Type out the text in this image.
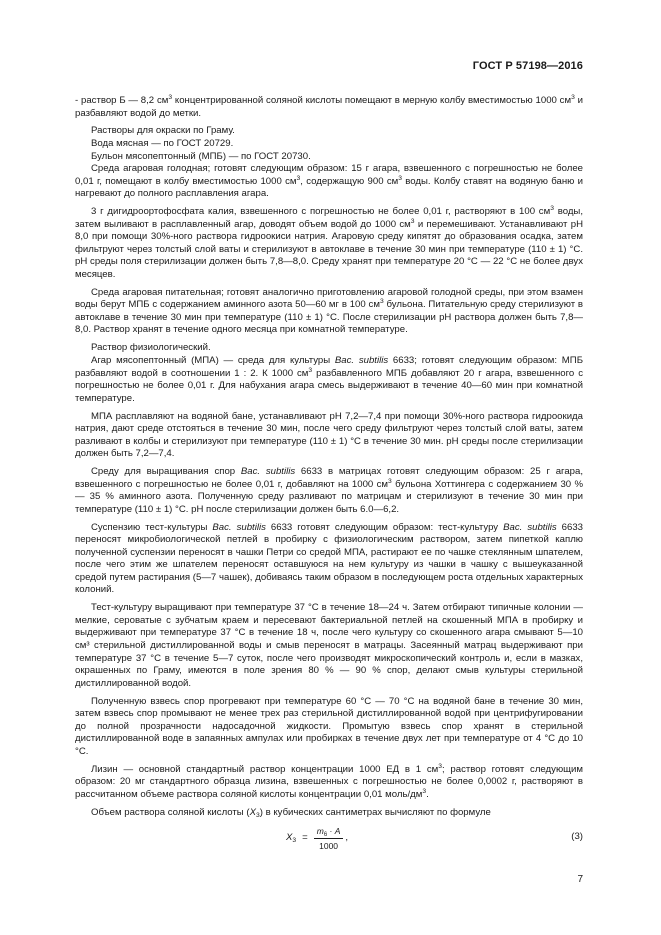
ГОСТ Р 57198—2016

- раствор Б — 8,2 $см^3$ концентрированной соляной кислоты помещают в мерную колбу вместимостью 1000 $см^3$ и разбавляют водой до метки.

Растворы для окраски по Граму.

Вода мясная — по ГОСТ 20729.

Бульон мясопептонный (МПБ) — по ГОСТ 20730.

Среда агаровая голодная; готовят следующим образом: 15 г агара, взвешенного с погрешностью не более 0,01 г, помещают в колбу вместимостью 1000 $см^3$, содержащую 900 $см^3$ воды. Колбу ставят на водяную баню и нагревают до полного расплавления агара.

3 г дигидроортофосфата калия, взвешенного с погрешностью не более 0,01 г, растворяют в 100 $см^3$ воды, затем выливают в расплавленный агар, доводят объем водой до 1000 $см^3$ и перемешивают. Устанавливают pH 8,0 при помощи 30%-ного раствора гидроокиси натрия. Агаровую среду кипятят до образования осадка, затем фильтруют через толстый слой ваты и стерилизуют в автоклаве в течение 30 мин при температуре (110 ± 1) °С. pH среды поля стерилизации должен быть 7,8—8,0. Среду хранят при температуре 20 °С — 22 °С не более двух месяцев.

Среда агаровая питательная; готовят аналогично приготовлению агаровой голодной среды, при этом взамен воды берут МПБ с содержанием аминного азота 50—60 мг в 100 $см^3$ бульона. Питательную среду стерилизуют в автоклаве в течение 30 мин при температуре (110 ± 1) °С. После стерилизации pH раствора должен быть 7,8—8,0. Раствор хранят в течение одного месяца при комнатной температуре.

Раствор физиологический.

Агар мясопептонный (МПА) — среда для культуры Bac. subtilis 6633; готовят следующим образом: МПБ разбавляют водой в соотношении 1 : 2. К 1000 $см^3$ разбавленного МПБ добавляют 20 г агара, взвешенного с погрешностью не более 0,01 г. Для набухания агара смесь выдерживают в течение 40—60 мин при комнатной температуре.

МПА расплавляют на водяной бане, устанавливают pH 7,2—7,4 при помощи 30%-ного раствора гидроокида натрия, дают среде отстояться в течение 30 мин, после чего среду фильтруют через толстый слой ваты, затем разливают в колбы и стерилизуют при температуре (110 ± 1) °С в течение 30 мин. pH среды после стерилизации должен быть 7,2—7,4.

Среду для выращивания спор Bac. subtilis 6633 в матрицах готовят следующим образом: 25 г агара, взвешенного с погрешностью не более 0,01 г, добавляют на 1000 $см^3$ бульона Хоттингера с содержанием 30 % — 35 % аминного азота. Полученную среду разливают по матрицам и стерилизуют в течение 30 мин при температуре (110 ± 1) °С. pH после стерилизации должен быть 6.0—6,2.

Суспензию тест-культуры Bac. subtilis 6633 готовят следующим образом: тест-культуру Bac. subtilis 6633 переносят микробиологической петлей в пробирку с физиологическим раствором, затем пипеткой каплю полученной суспензии переносят в чашки Петри со средой МПА, растирают ее по чашке стеклянным шпателем, после чего этим же шпателем переносят оставшуюся на нем культуру из чашки в чашку с вышеуказанной средой путем растирания (5—7 чашек), добиваясь таким образом в последующем роста отдельных характерных колоний.

Тест-культуру выращивают при температуре 37 °С в течение 18—24 ч. Затем отбирают типичные колонии — мелкие, сероватые с зубчатым краем и пересевают бактериальной петлей на скошенный МПА в пробирку и выдерживают при температуре 37 °С в течение 18 ч, после чего культуру со скошенного агара смывают 5—10 см³ стерильной дистиллированной воды и смыв переносят в матрацы. Засеянный матрац выдерживают при температуре 37 °С в течение 5—7 суток, после чего производят микроскопический контроль и, если в мазках, окрашенных по Граму, имеются в поле зрения 80 % — 90 % спор, делают смыв культуры стерильной дистиллированной водой.

Полученную взвесь спор прогревают при температуре 60 °С — 70 °С на водяной бане в течение 30 мин, затем взвесь спор промывают не менее трех раз стерильной дистиллированной водой при центрифугировании до полной прозрачности надосадочной жидкости. Промытую взвесь спор хранят в стерильной дистиллированной воде в запаянных ампулах или пробирках в течение двух лет при температуре от 4 °С до 10 °С.

Лизин — основной стандартный раствор концентрации 1000 ЕД в 1 $см^3$; раствор готовят следующим образом: 20 мг стандартного образца лизина, взвешенных с погрешностью не более 0,0002 г, растворяют в рассчитанном объеме раствора соляной кислоты концентрации 0,01 моль/$дм^3$.

Объем раствора соляной кислоты $(X_3)$ в кубических сантиметрах вычисляют по формуле

$X_3 = \frac{m_6 \cdot A}{1000}$ ,	(3)
7
